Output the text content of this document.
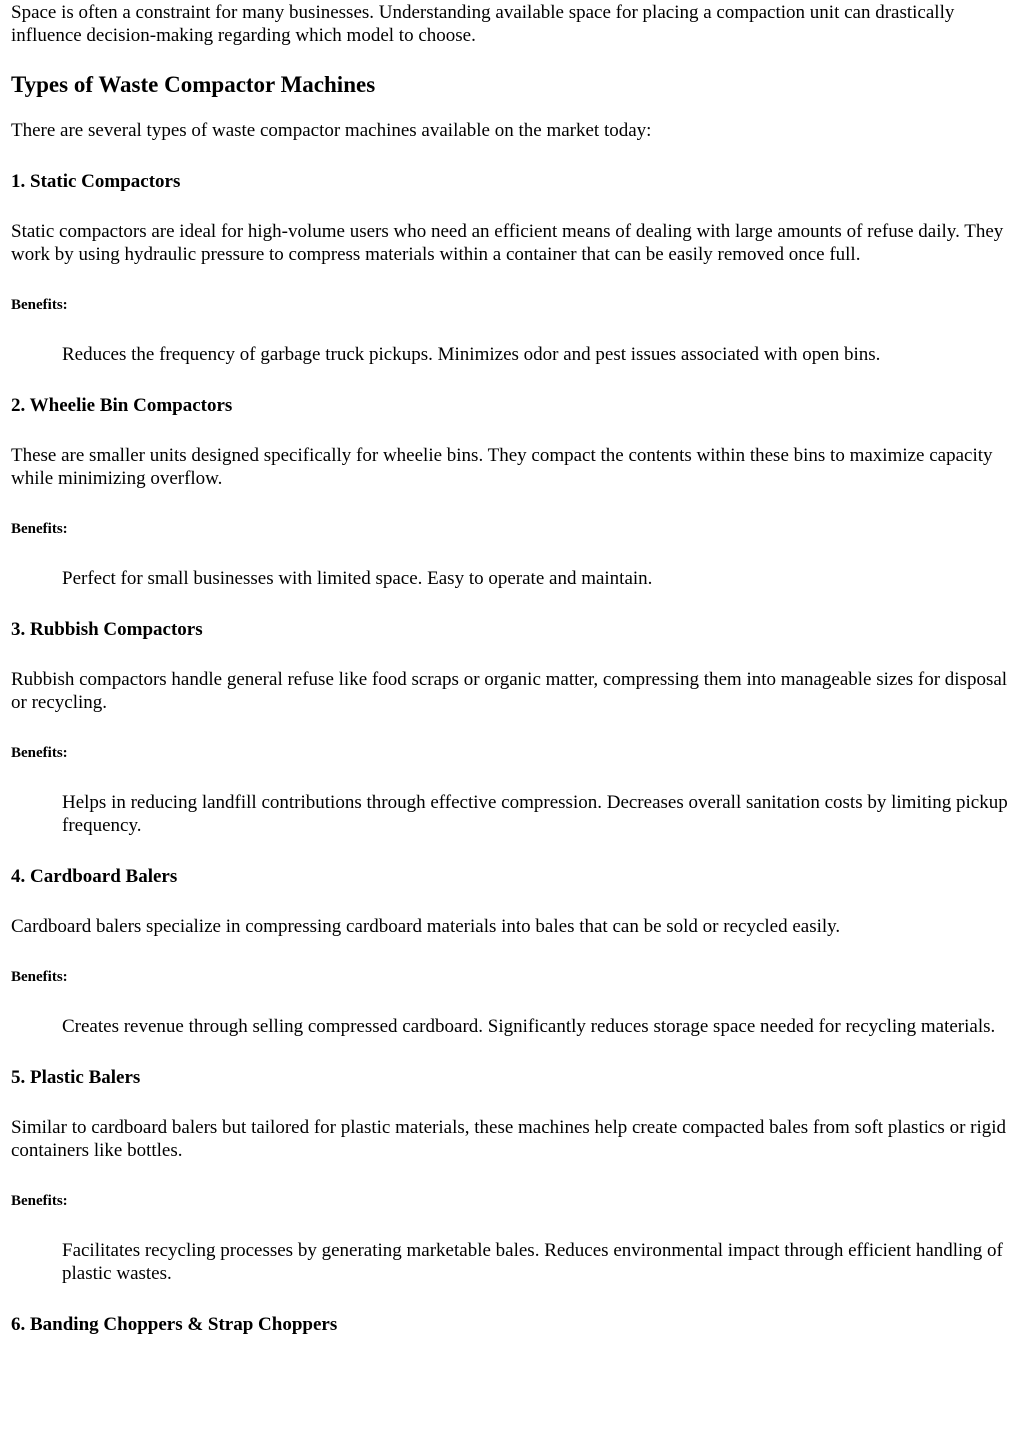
Space is often a constraint for many businesses. Understanding available space for placing a compaction unit can drastically influence decision-making regarding which model to choose.

Types of Waste Compactor Machines

There are several types of waste compactor machines available on the market today:

1. Static Compactors

Static compactors are ideal for high-volume users who need an efficient means of dealing with large amounts of refuse daily. They work by using hydraulic pressure to compress materials within a container that can be easily removed once full.

Benefits:
Reduces the frequency of garbage truck pickups. Minimizes odor and pest issues associated with open bins.
2. Wheelie Bin Compactors

These are smaller units designed specifically for wheelie bins. They compact the contents within these bins to maximize capacity while minimizing overflow.

Benefits:
Perfect for small businesses with limited space. Easy to operate and maintain.
3. Rubbish Compactors

Rubbish compactors handle general refuse like food scraps or organic matter, compressing them into manageable sizes for disposal or recycling.

Benefits:
Helps in reducing landfill contributions through effective compression. Decreases overall sanitation costs by limiting pickup frequency.
4. Cardboard Balers

Cardboard balers specialize in compressing cardboard materials into bales that can be sold or recycled easily.

Benefits:
Creates revenue through selling compressed cardboard. Significantly reduces storage space needed for recycling materials.
5. Plastic Balers

Similar to cardboard balers but tailored for plastic materials, these machines help create compacted bales from soft plastics or rigid containers like bottles.

Benefits:
Facilitates recycling processes by generating marketable bales. Reduces environmental impact through efficient handling of plastic wastes.
6. Banding Choppers & Strap Choppers
